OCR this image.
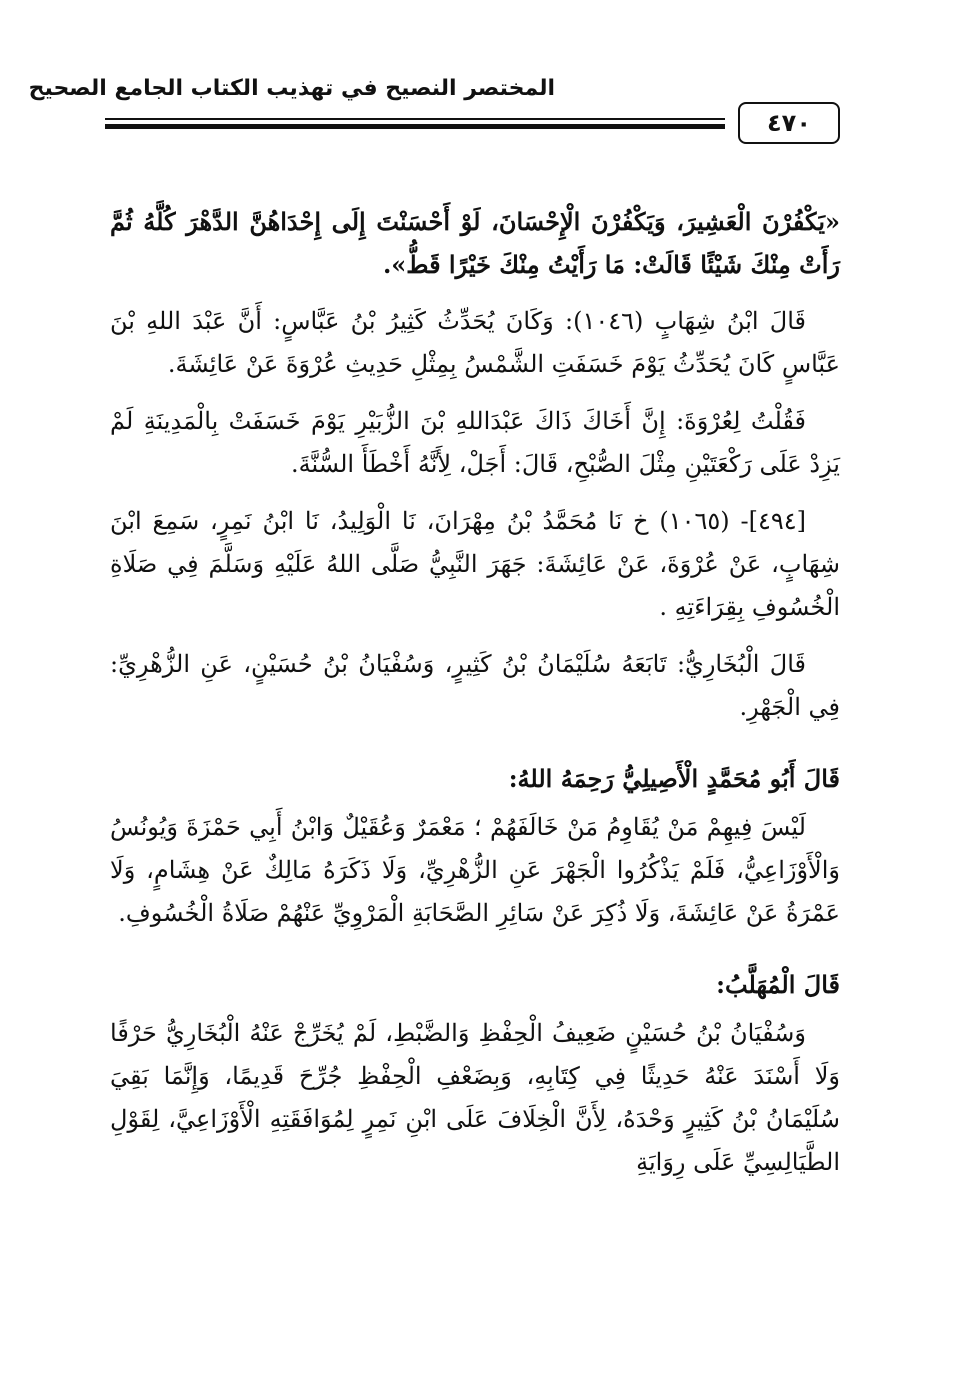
المختصر النصيح في تهذيب الكتاب الجامع الصحيح
٤٧٠

«يَكْفُرْنَ الْعَشِيرَ، وَيَكْفُرْنَ الْإِحْسَانَ، لَوْ أَحْسَنْتَ إِلَى إِحْدَاهُنَّ الدَّهْرَ كُلَّهُ ثُمَّ رَأَتْ مِنْكَ شَيْئًا قَالَتْ: مَا رَأَيْتُ مِنْكَ خَيْرًا قَطُّ».

قَالَ ابْنُ شِهَابٍ (١٠٤٦): وَكَانَ يُحَدِّثُ كَثِيرُ بْنُ عَبَّاسٍ: أَنَّ عَبْدَ اللهِ بْنَ عَبَّاسٍ كَانَ يُحَدِّثُ يَوْمَ خَسَفَتِ الشَّمْسُ بِمِثْلِ حَدِيثِ عُرْوَةَ عَنْ عَائِشَةَ.

فَقُلْتُ لِعُرْوَةَ: إِنَّ أَخَاكَ ذَاكَ عَبْدَاللهِ بْنَ الزُّبَيْرِ يَوْمَ خَسَفَتْ بِالْمَدِينَةِ لَمْ يَزِدْ عَلَى رَكْعَتَيْنِ مِثْلَ الصُّبْحِ، قَالَ: أَجَلْ، لِأَنَّهُ أَخْطَأَ السُّنَّةَ.

[٤٩٤]- (١٠٦٥) خ نَا مُحَمَّدُ بْنُ مِهْرَانَ، نَا الْوَلِيدُ، نَا ابْنُ نَمِرٍ، سَمِعَ ابْنَ شِهَابٍ، عَنْ عُرْوَةَ، عَنْ عَائِشَةَ: جَهَرَ النَّبِيُّ صَلَّى اللهُ عَلَيْهِ وَسَلَّمَ فِي صَلَاةِ الْخُسُوفِ بِقِرَاءَتِهِ .

قَالَ الْبُخَارِيُّ: تَابَعَهُ سُلَيْمَانُ بْنُ كَثِيرٍ، وَسُفْيَانُ بْنُ حُسَيْنٍ، عَنِ الزُّهْرِيِّ: فِي الْجَهْرِ.

قَالَ أَبُو مُحَمَّدٍ الْأَصِيلِيُّ رَحِمَهُ اللهُ:

لَيْسَ فِيهِمْ مَنْ يُقَاوِمُ مَنْ خَالَفَهُمْ ؛ مَعْمَرٌ وَعُقَيْلٌ وَابْنُ أَبِي حَمْزَةَ وَيُونُسُ وَالْأَوْزَاعِيُّ، فَلَمْ يَذْكُرُوا الْجَهْرَ عَنِ الزُّهْرِيِّ، وَلَا ذَكَرَهُ مَالِكٌ عَنْ هِشَامٍ، وَلَا عَمْرَةُ عَنْ عَائِشَةَ، وَلَا ذُكِرَ عَنْ سَائِرِ الصَّحَابَةِ الْمَرْوِيِّ عَنْهُمْ صَلَاةُ الْخُسُوفِ.

قَالَ الْمُهَلَّبُ:

وَسُفْيَانُ بْنُ حُسَيْنٍ ضَعِيفُ الْحِفْظِ وَالضَّبْطِ، لَمْ يُخَرِّجْ عَنْهُ الْبُخَارِيُّ حَرْفًا وَلَا أَسْنَدَ عَنْهُ حَدِيثًا فِي كِتَابِهِ، وَبِضَعْفِ الْحِفْظِ جُرِّحَ قَدِيمًا، وَإِنَّمَا بَقِيَ سُلَيْمَانُ بْنُ كَثِيرٍ وَحْدَهُ، لِأَنَّ الْخِلَافَ عَلَى ابْنِ نَمِرٍ لِمُوَافَقَتِهِ الْأَوْزَاعِيَّ، لِقَوْلِ الطَّيَالِسِيِّ عَلَى رِوَايَةِ
